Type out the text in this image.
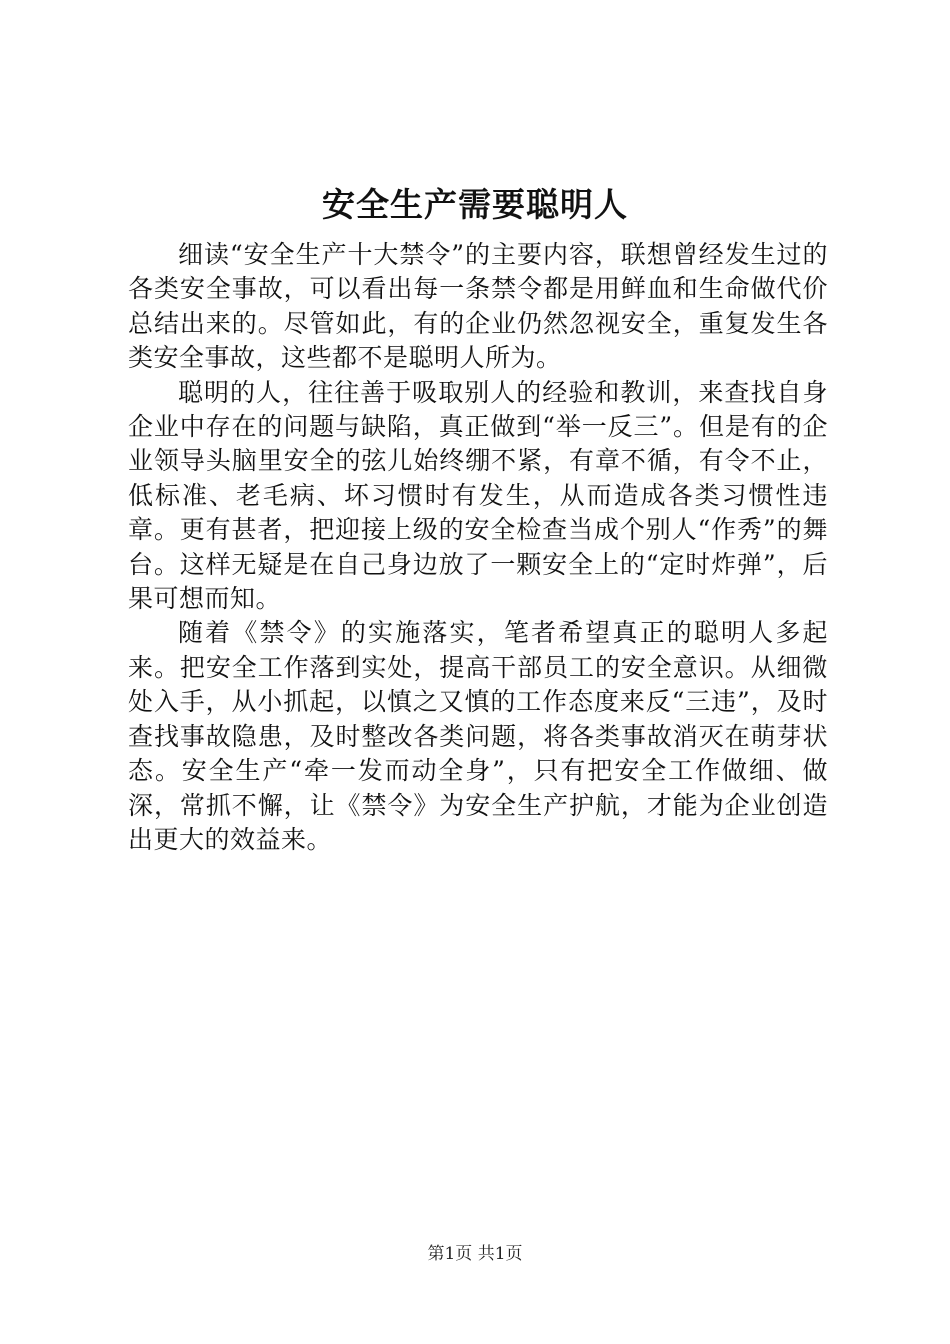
安全生产需要聪明人

细读“安全生产十大禁令”的主要内容，联想曾经发生过的各类安全事故，可以看出每一条禁令都是用鲜血和生命做代价总结出来的。尽管如此，有的企业仍然忽视安全，重复发生各类安全事故，这些都不是聪明人所为。

聪明的人，往往善于吸取别人的经验和教训，来查找自身企业中存在的问题与缺陷，真正做到“举一反三”。但是有的企业领导头脑里安全的弦儿始终绷不紧，有章不循，有令不止，低标准、老毛病、坏习惯时有发生，从而造成各类习惯性违章。更有甚者，把迎接上级的安全检查当成个别人“作秀”的舞台。这样无疑是在自己身边放了一颗安全上的“定时炸弹”，后果可想而知。

随着《禁令》的实施落实，笔者希望真正的聪明人多起来。把安全工作落到实处，提高干部员工的安全意识。从细微处入手，从小抓起，以慎之又慎的工作态度来反“三违”，及时查找事故隐患，及时整改各类问题，将各类事故消灭在萌芽状态。安全生产“牵一发而动全身”，只有把安全工作做细、做深，常抓不懈，让《禁令》为安全生产护航，才能为企业创造出更大的效益来。

第1页 共1页
